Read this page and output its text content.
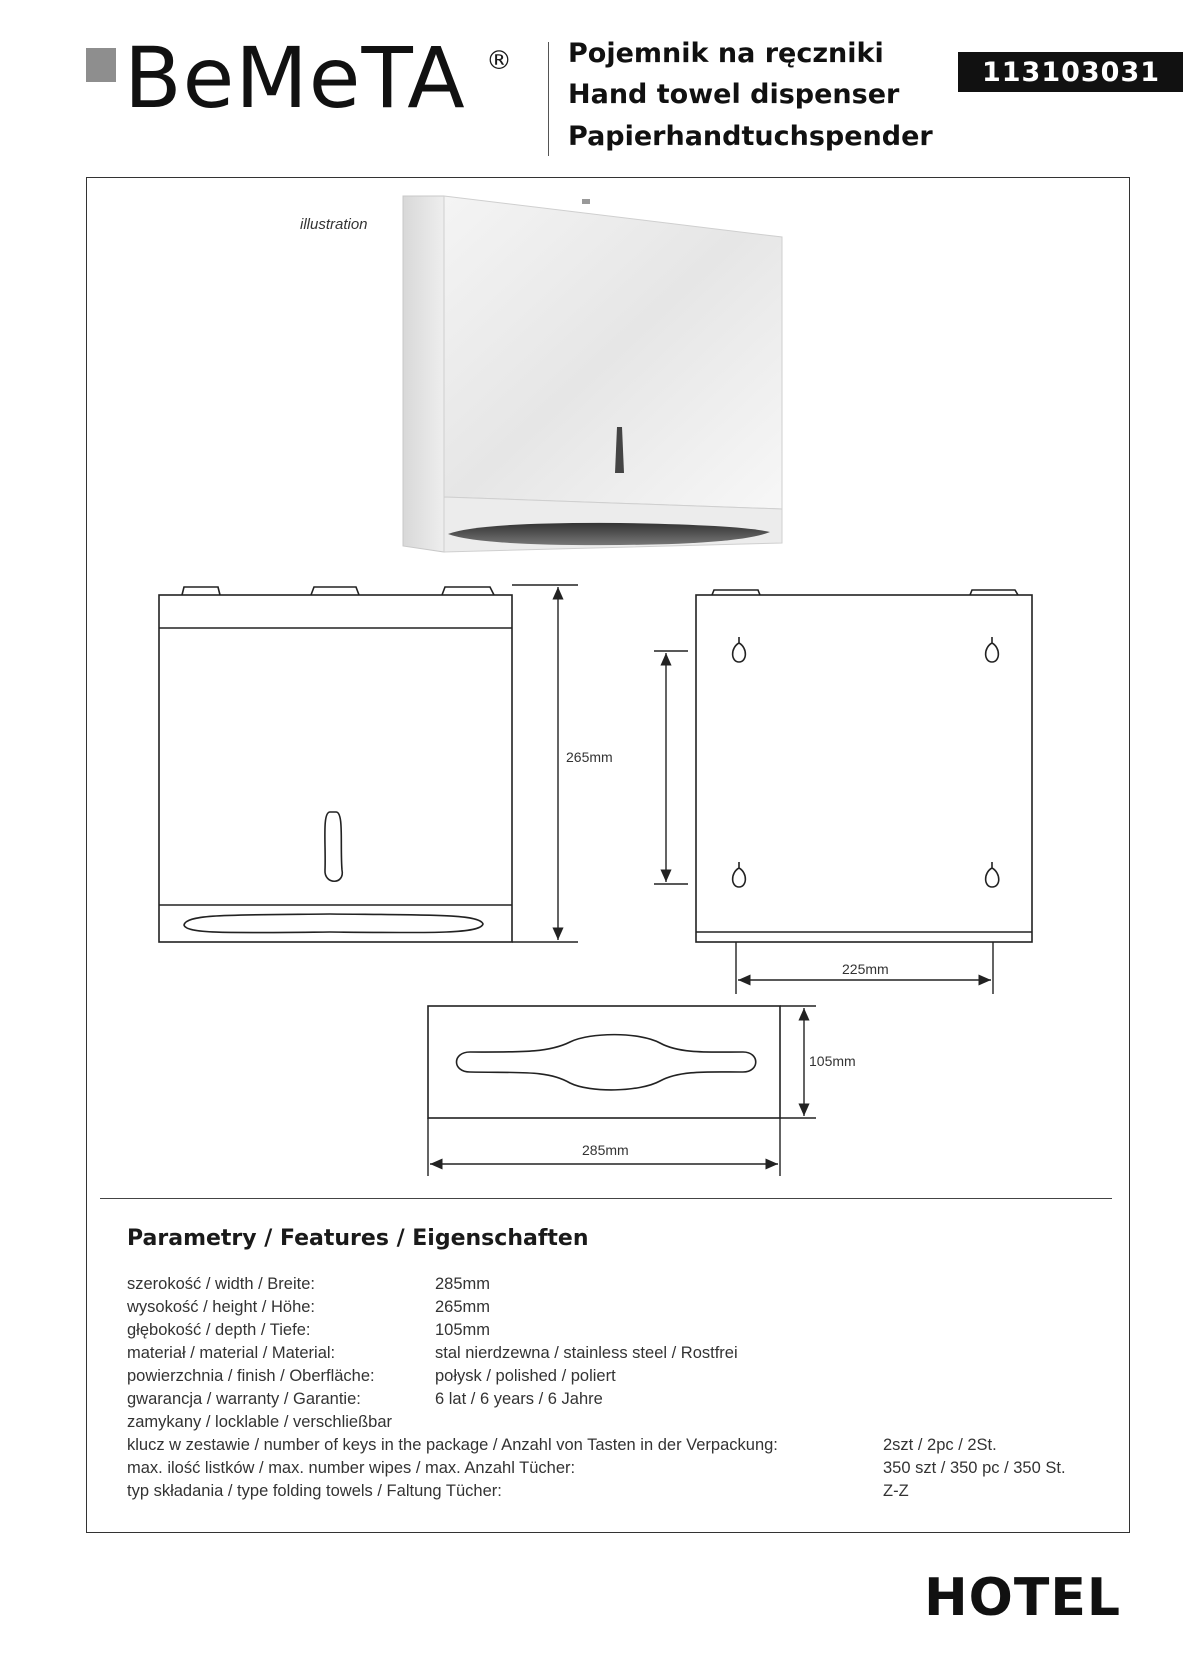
BeMeTA ® Pojemnik na ręczniki
Hand towel dispenser
Papierhandtuchspender
113103031
illustration
265mm
225mm
105mm
285mm
Parametry / Features / Eigenschaften
szerokość / width / Breite:	285mm
wysokość / height / Höhe:	265mm
głębokość / depth / Tiefe:	105mm
materiał / material / Material:	stal nierdzewna / stainless steel / Rostfrei
powierzchnia / finish / Oberfläche:	połysk / polished / poliert
gwarancja / warranty / Garantie:	6 lat / 6 years / 6 Jahre
zamykany / locklable / verschließbar
klucz w zestawie / number of keys in the package / Anzahl von Tasten in der Verpackung:	2szt / 2pc / 2St.
max. ilość listków / max. number wipes / max. Anzahl Tücher:	350 szt / 350 pc / 350 St.
typ składania / type folding towels / Faltung Tücher:	Z-Z
HOTEL
